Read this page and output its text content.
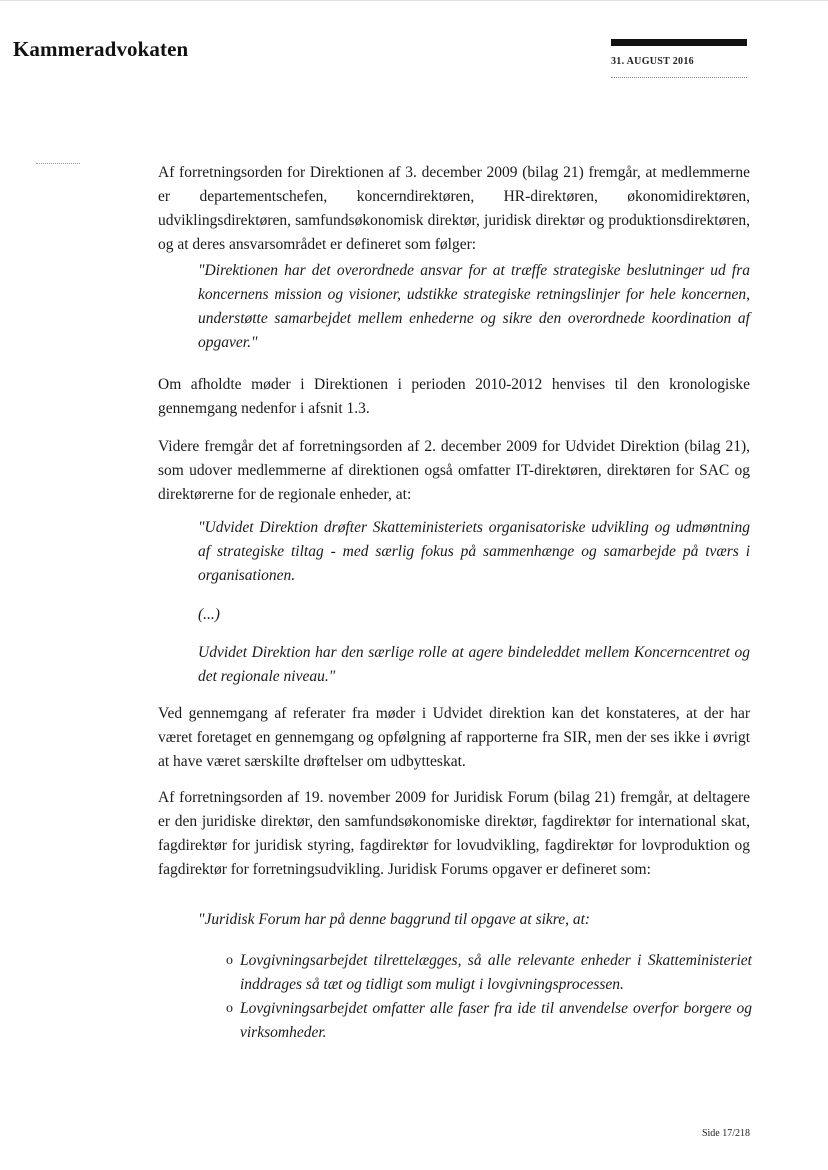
Kammeradvokaten
31. AUGUST 2016

Af forretningsorden for Direktionen af 3. december 2009 (bilag 21) fremgår, at medlemmerne er departementschefen, koncerndirektøren, HR-direktøren, økonomidirektøren, udviklingsdirektøren, samfundsøkonomisk direktør, juridisk direktør og produktionsdirektøren, og at deres ansvarsområdet er defineret som følger:

"Direktionen har det overordnede ansvar for at træffe strategiske beslutninger ud fra koncernens mission og visioner, udstikke strategiske retningslinjer for hele koncernen, understøtte samarbejdet mellem enhederne og sikre den overordnede koordination af opgaver."

Om afholdte møder i Direktionen i perioden 2010-2012 henvises til den kronologiske gennemgang nedenfor i afsnit 1.3.

Videre fremgår det af forretningsorden af 2. december 2009 for Udvidet Direktion (bilag 21), som udover medlemmerne af direktionen også omfatter IT-direktøren, direktøren for SAC og direktørerne for de regionale enheder, at:

"Udvidet Direktion drøfter Skatteministeriets organisatoriske udvikling og udmøntning af strategiske tiltag - med særlig fokus på sammenhænge og samarbejde på tværs i organisationen.

(...)

Udvidet Direktion har den særlige rolle at agere bindeleddet mellem Koncerncentret og det regionale niveau."

Ved gennemgang af referater fra møder i Udvidet direktion kan det konstateres, at der har været foretaget en gennemgang og opfølgning af rapporterne fra SIR, men der ses ikke i øvrigt at have været særskilte drøftelser om udbytteskat.

Af forretningsorden af 19. november 2009 for Juridisk Forum (bilag 21) fremgår, at deltagere er den juridiske direktør, den samfundsøkonomiske direktør, fagdirektør for international skat, fagdirektør for juridisk styring, fagdirektør for lovudvikling, fagdirektør for lovproduktion og fagdirektør for forretningsudvikling. Juridisk Forums opgaver er defineret som:

"Juridisk Forum har på denne baggrund til opgave at sikre, at:

o Lovgivningsarbejdet tilrettelægges, så alle relevante enheder i Skatteministeriet inddrages så tæt og tidligt som muligt i lovgivningsprocessen.
o Lovgivningsarbejdet omfatter alle faser fra ide til anvendelse overfor borgere og virksomheder.
Side 17/218
